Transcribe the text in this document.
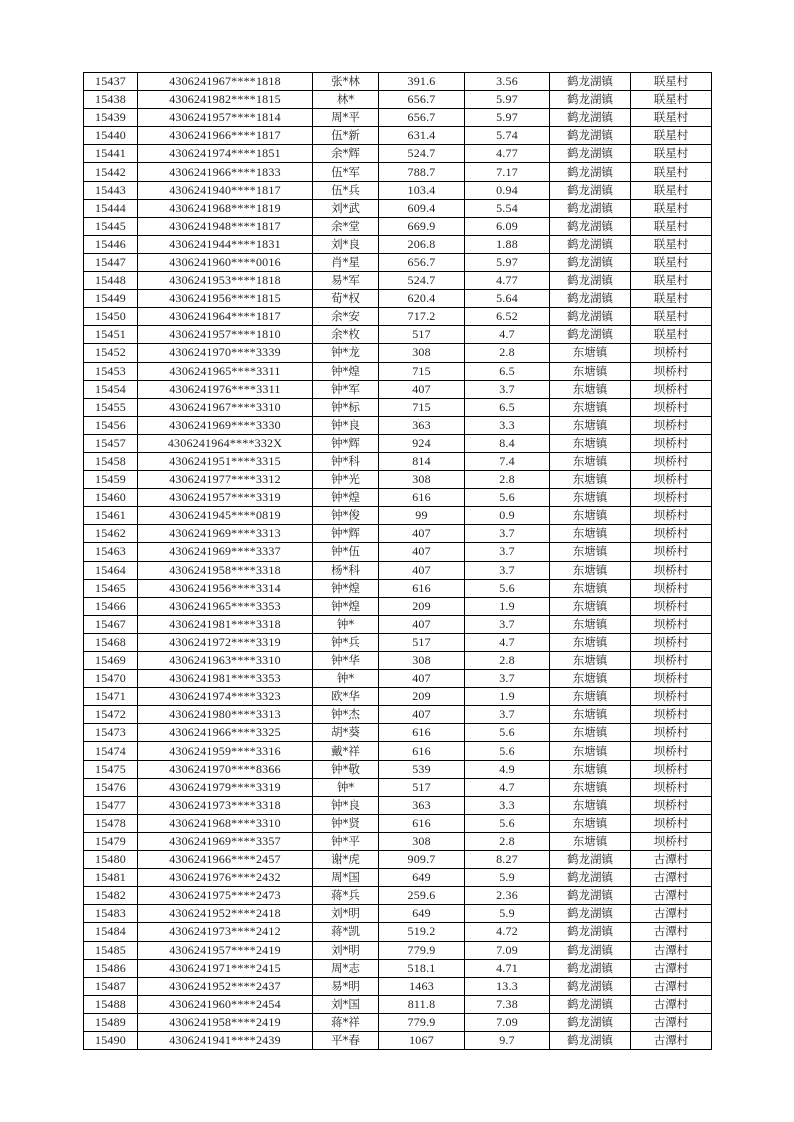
15437	4306241967****1818	张*林	391.6	3.56	鹤龙湖镇	联星村
15438	4306241982****1815	林*	656.7	5.97	鹤龙湖镇	联星村
15439	4306241957****1814	周*平	656.7	5.97	鹤龙湖镇	联星村
15440	4306241966****1817	伍*新	631.4	5.74	鹤龙湖镇	联星村
15441	4306241974****1851	余*辉	524.7	4.77	鹤龙湖镇	联星村
15442	4306241966****1833	伍*军	788.7	7.17	鹤龙湖镇	联星村
15443	4306241940****1817	伍*兵	103.4	0.94	鹤龙湖镇	联星村
15444	4306241968****1819	刘*武	609.4	5.54	鹤龙湖镇	联星村
15445	4306241948****1817	余*堂	669.9	6.09	鹤龙湖镇	联星村
15446	4306241944****1831	刘*良	206.8	1.88	鹤龙湖镇	联星村
15447	4306241960****0016	肖*星	656.7	5.97	鹤龙湖镇	联星村
15448	4306241953****1818	易*军	524.7	4.77	鹤龙湖镇	联星村
15449	4306241956****1815	荀*权	620.4	5.64	鹤龙湖镇	联星村
15450	4306241964****1817	余*安	717.2	6.52	鹤龙湖镇	联星村
15451	4306241957****1810	余*枚	517	4.7	鹤龙湖镇	联星村
15452	4306241970****3339	钟*龙	308	2.8	东塘镇	坝桥村
15453	4306241965****3311	钟*煌	715	6.5	东塘镇	坝桥村
15454	4306241976****3311	钟*军	407	3.7	东塘镇	坝桥村
15455	4306241967****3310	钟*标	715	6.5	东塘镇	坝桥村
15456	4306241969****3330	钟*良	363	3.3	东塘镇	坝桥村
15457	4306241964****332X	钟*辉	924	8.4	东塘镇	坝桥村
15458	4306241951****3315	钟*科	814	7.4	东塘镇	坝桥村
15459	4306241977****3312	钟*光	308	2.8	东塘镇	坝桥村
15460	4306241957****3319	钟*煌	616	5.6	东塘镇	坝桥村
15461	4306241945****0819	钟*俊	99	0.9	东塘镇	坝桥村
15462	4306241969****3313	钟*辉	407	3.7	东塘镇	坝桥村
15463	4306241969****3337	钟*伍	407	3.7	东塘镇	坝桥村
15464	4306241958****3318	杨*科	407	3.7	东塘镇	坝桥村
15465	4306241956****3314	钟*煌	616	5.6	东塘镇	坝桥村
15466	4306241965****3353	钟*煌	209	1.9	东塘镇	坝桥村
15467	4306241981****3318	钟*	407	3.7	东塘镇	坝桥村
15468	4306241972****3319	钟*兵	517	4.7	东塘镇	坝桥村
15469	4306241963****3310	钟*华	308	2.8	东塘镇	坝桥村
15470	4306241981****3353	钟*	407	3.7	东塘镇	坝桥村
15471	4306241974****3323	欧*华	209	1.9	东塘镇	坝桥村
15472	4306241980****3313	钟*杰	407	3.7	东塘镇	坝桥村
15473	4306241966****3325	胡*葵	616	5.6	东塘镇	坝桥村
15474	4306241959****3316	戴*祥	616	5.6	东塘镇	坝桥村
15475	4306241970****8366	钟*敬	539	4.9	东塘镇	坝桥村
15476	4306241979****3319	钟*	517	4.7	东塘镇	坝桥村
15477	4306241973****3318	钟*良	363	3.3	东塘镇	坝桥村
15478	4306241968****3310	钟*贤	616	5.6	东塘镇	坝桥村
15479	4306241969****3357	钟*平	308	2.8	东塘镇	坝桥村
15480	4306241966****2457	谢*虎	909.7	8.27	鹤龙湖镇	古潭村
15481	4306241976****2432	周*国	649	5.9	鹤龙湖镇	古潭村
15482	4306241975****2473	蒋*兵	259.6	2.36	鹤龙湖镇	古潭村
15483	4306241952****2418	刘*明	649	5.9	鹤龙湖镇	古潭村
15484	4306241973****2412	蒋*凯	519.2	4.72	鹤龙湖镇	古潭村
15485	4306241957****2419	刘*明	779.9	7.09	鹤龙湖镇	古潭村
15486	4306241971****2415	周*志	518.1	4.71	鹤龙湖镇	古潭村
15487	4306241952****2437	易*明	1463	13.3	鹤龙湖镇	古潭村
15488	4306241960****2454	刘*国	811.8	7.38	鹤龙湖镇	古潭村
15489	4306241958****2419	蒋*祥	779.9	7.09	鹤龙湖镇	古潭村
15490	4306241941****2439	平*春	1067	9.7	鹤龙湖镇	古潭村
